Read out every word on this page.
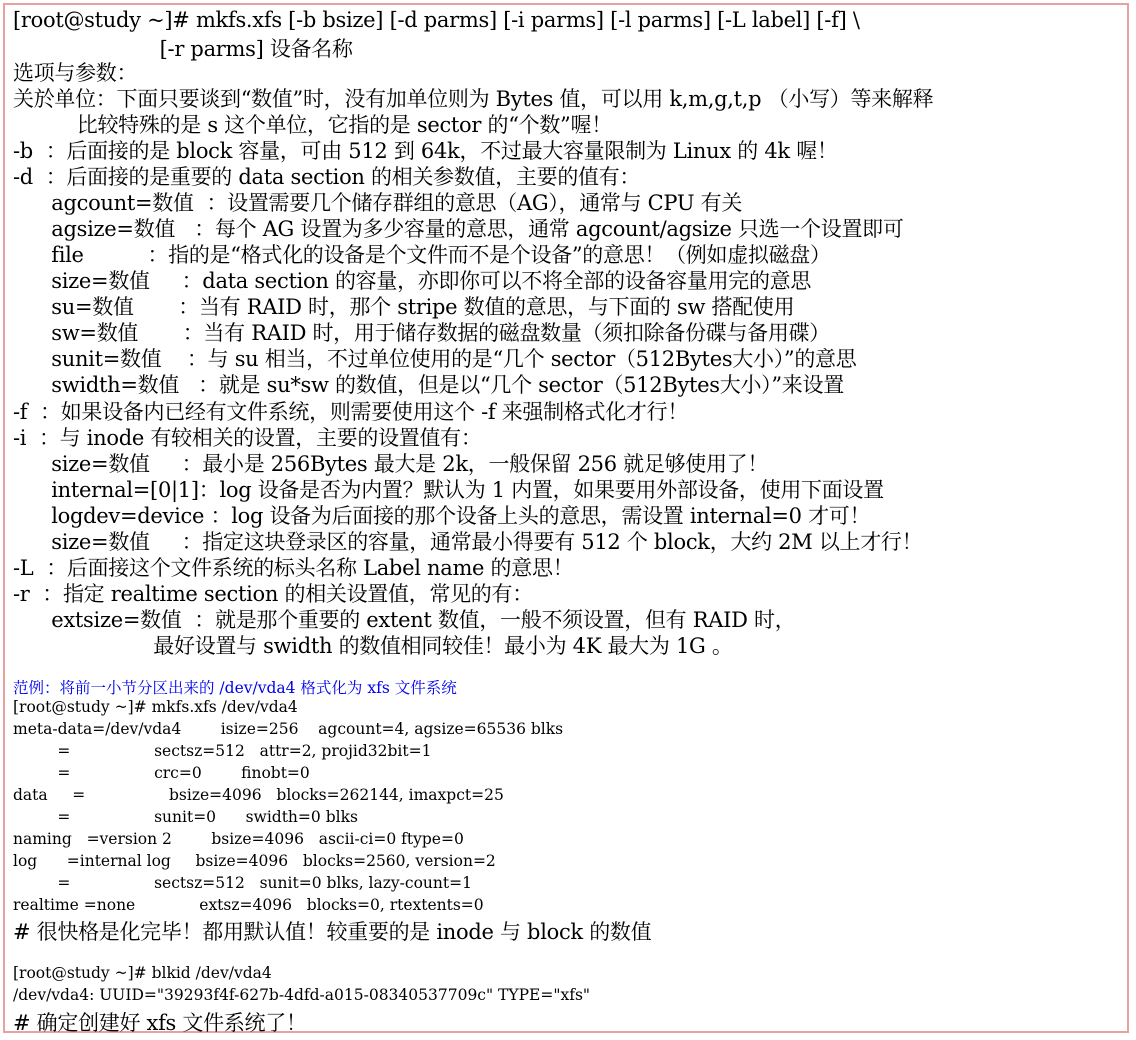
[root@study ~]# mkfs.xfs [-b bsize] [-d parms] [-i parms] [-l parms] [-L label] [-f] \
[-r parms] 设备名称
选项与参数：
关於单位：下面只要谈到“数值”时，没有加单位则为 Bytes 值，可以用 k,m,g,t,p （小写）等来解释
比较特殊的是 s 这个单位，它指的是 sector 的“个数”喔！
-b  ：后面接的是 block 容量，可由 512 到 64k，不过最大容量限制为 Linux 的 4k 喔！
-d  ：后面接的是重要的 data section 的相关参数值，主要的值有：
agcount=数值  ：设置需要几个储存群组的意思（AG），通常与 CPU 有关
agsize=数值   ：每个 AG 设置为多少容量的意思，通常 agcount/agsize 只选一个设置即可
file          ：指的是“格式化的设备是个文件而不是个设备”的意思！（例如虚拟磁盘）
size=数值     ：data section 的容量，亦即你可以不将全部的设备容量用完的意思
su=数值       ：当有 RAID 时，那个 stripe 数值的意思，与下面的 sw 搭配使用
sw=数值       ：当有 RAID 时，用于储存数据的磁盘数量（须扣除备份碟与备用碟）
sunit=数值    ：与 su 相当，不过单位使用的是“几个 sector（512Bytes大小）”的意思
swidth=数值   ：就是 su*sw 的数值，但是以“几个 sector（512Bytes大小）”来设置
-f  ：如果设备内已经有文件系统，则需要使用这个 -f 来强制格式化才行！
-i  ：与 inode 有较相关的设置，主要的设置值有：
size=数值     ：最小是 256Bytes 最大是 2k，一般保留 256 就足够使用了！
internal=[0|1]：log 设备是否为内置？默认为 1 内置，如果要用外部设备，使用下面设置
logdev=device ：log 设备为后面接的那个设备上头的意思，需设置 internal=0 才可！
size=数值     ：指定这块登录区的容量，通常最小得要有 512 个 block，大约 2M 以上才行！
-L  ：后面接这个文件系统的标头名称 Label name 的意思！
-r  ：指定 realtime section 的相关设置值，常见的有：
extsize=数值  ：就是那个重要的 extent 数值，一般不须设置，但有 RAID 时，
最好设置与 swidth 的数值相同较佳！最小为 4K 最大为 1G 。
范例：将前一小节分区出来的 /dev/vda4 格式化为 xfs 文件系统
[root@study ~]# mkfs.xfs /dev/vda4
meta-data=/dev/vda4        isize=256    agcount=4, agsize=65536 blks
=                 sectsz=512   attr=2, projid32bit=1
=                 crc=0        finobt=0
data     =                 bsize=4096   blocks=262144, imaxpct=25
=                 sunit=0      swidth=0 blks
naming   =version 2        bsize=4096   ascii-ci=0 ftype=0
log      =internal log     bsize=4096   blocks=2560, version=2
=                 sectsz=512   sunit=0 blks, lazy-count=1
realtime =none             extsz=4096   blocks=0, rtextents=0
# 很快格是化完毕！都用默认值！较重要的是 inode 与 block 的数值
[root@study ~]# blkid /dev/vda4
/dev/vda4: UUID="39293f4f-627b-4dfd-a015-08340537709c" TYPE="xfs"
# 确定创建好 xfs 文件系统了！
